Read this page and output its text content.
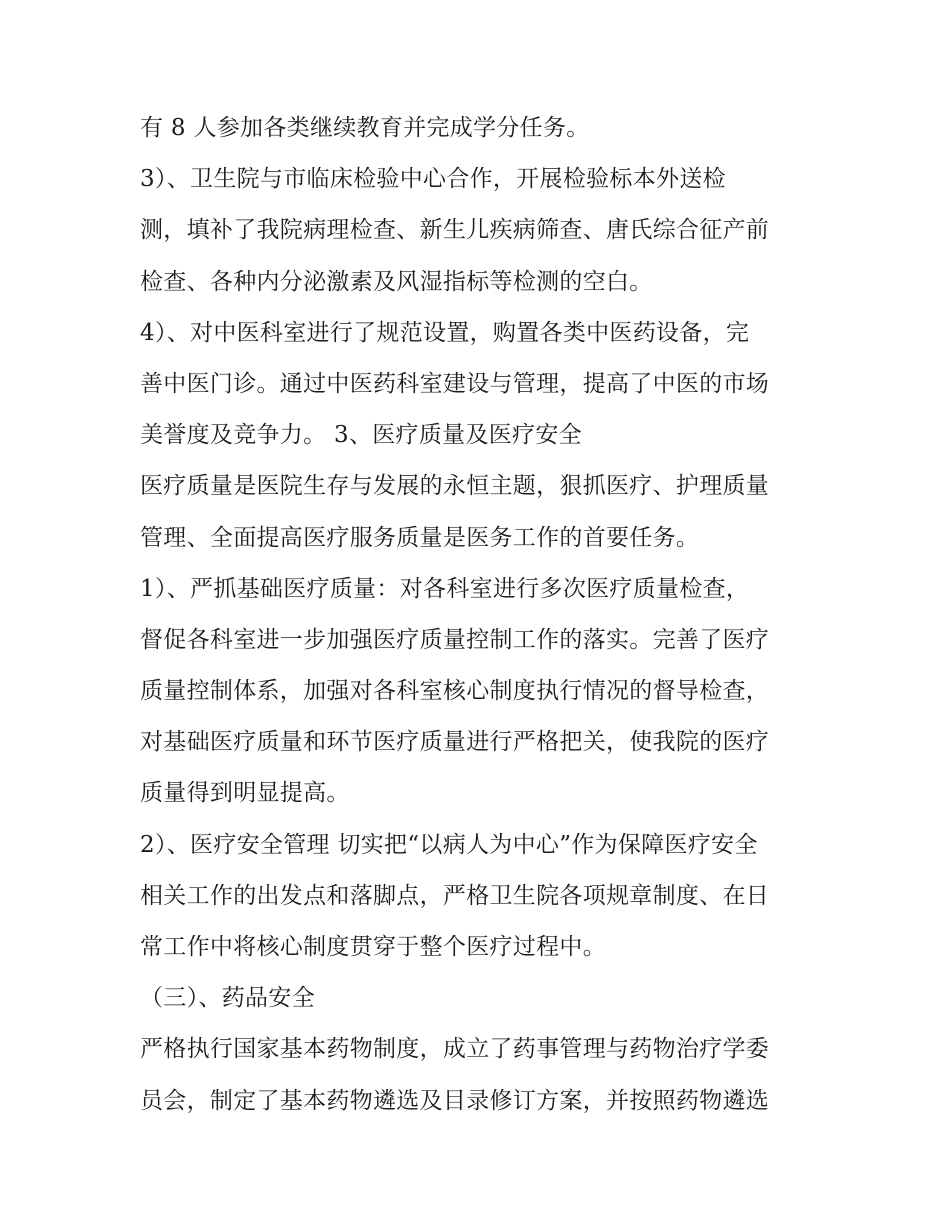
有 8 人参加各类继续教育并完成学分任务。
3）、卫生院与市临床检验中心合作，开展检验标本外送检
测，填补了我院病理检查、新生儿疾病筛查、唐氏综合征产前
检查、各种内分泌激素及风湿指标等检测的空白。
4）、对中医科室进行了规范设置，购置各类中医药设备，完
善中医门诊。通过中医药科室建设与管理，提高了中医的市场
美誉度及竞争力。 3、医疗质量及医疗安全
医疗质量是医院生存与发展的永恒主题，狠抓医疗、护理质量
管理、全面提高医疗服务质量是医务工作的首要任务。
1）、严抓基础医疗质量：对各科室进行多次医疗质量检查，
督促各科室进一步加强医疗质量控制工作的落实。完善了医疗
质量控制体系，加强对各科室核心制度执行情况的督导检查，
对基础医疗质量和环节医疗质量进行严格把关，使我院的医疗
质量得到明显提高。
2）、医疗安全管理 切实把“以病人为中心”作为保障医疗安全
相关工作的出发点和落脚点，严格卫生院各项规章制度、在日
常工作中将核心制度贯穿于整个医疗过程中。
（三）、药品安全
严格执行国家基本药物制度，成立了药事管理与药物治疗学委
员会，制定了基本药物遴选及目录修订方案，并按照药物遴选
